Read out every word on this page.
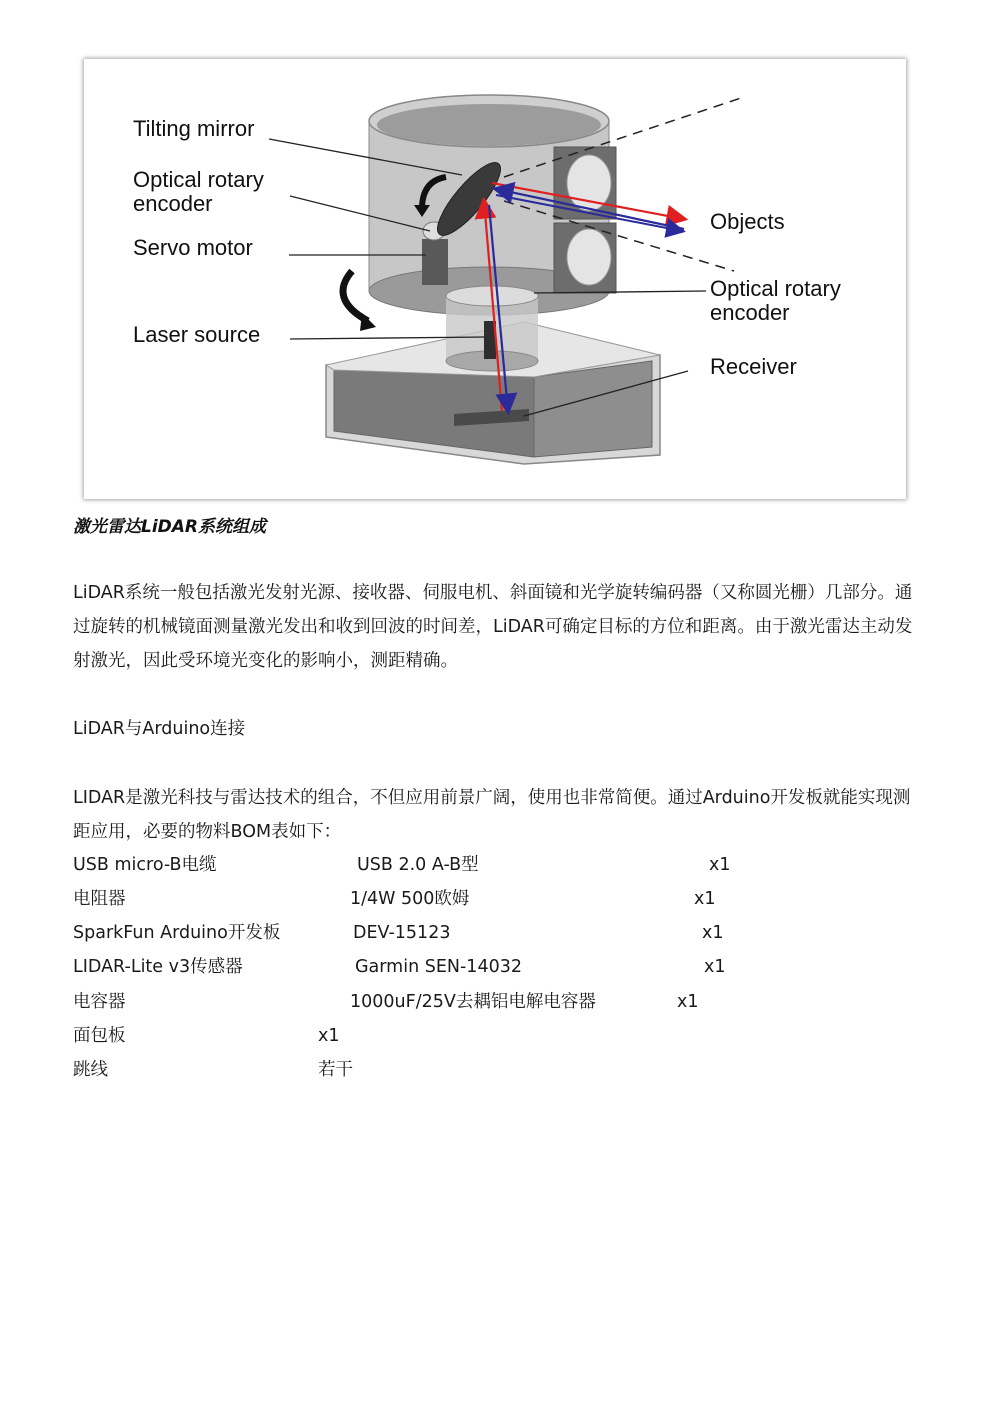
Tilting mirror
Optical rotary
encoder
Servo motor
Laser source
Objects
Optical rotary
encoder
Receiver
激光雷达LiDAR系统组成

LiDAR系统一般包括激光发射光源、接收器、伺服电机、斜面镜和光学旋转编码器（又称圆光栅）几部分。通过旋转的机械镜面测量激光发出和收到回波的时间差，LiDAR可确定目标的方位和距离。由于激光雷达主动发射激光，因此受环境光变化的影响小，测距精确。

LiDAR与Arduino连接

LIDAR是激光科技与雷达技术的组合，不但应用前景广阔，使用也非常简便。通过Arduino开发板就能实现测距应用，必要的物料BOM表如下：

USB micro-B电缆	USB 2.0 A-B型	x1
电阻器	1/4W 500欧姆	x1
SparkFun Arduino开发板	DEV-15123	x1
LIDAR-Lite v3传感器	Garmin SEN-14032	x1
电容器	1000uF/25V去耦铝电解电容器	x1
面包板	x1
跳线	若干
